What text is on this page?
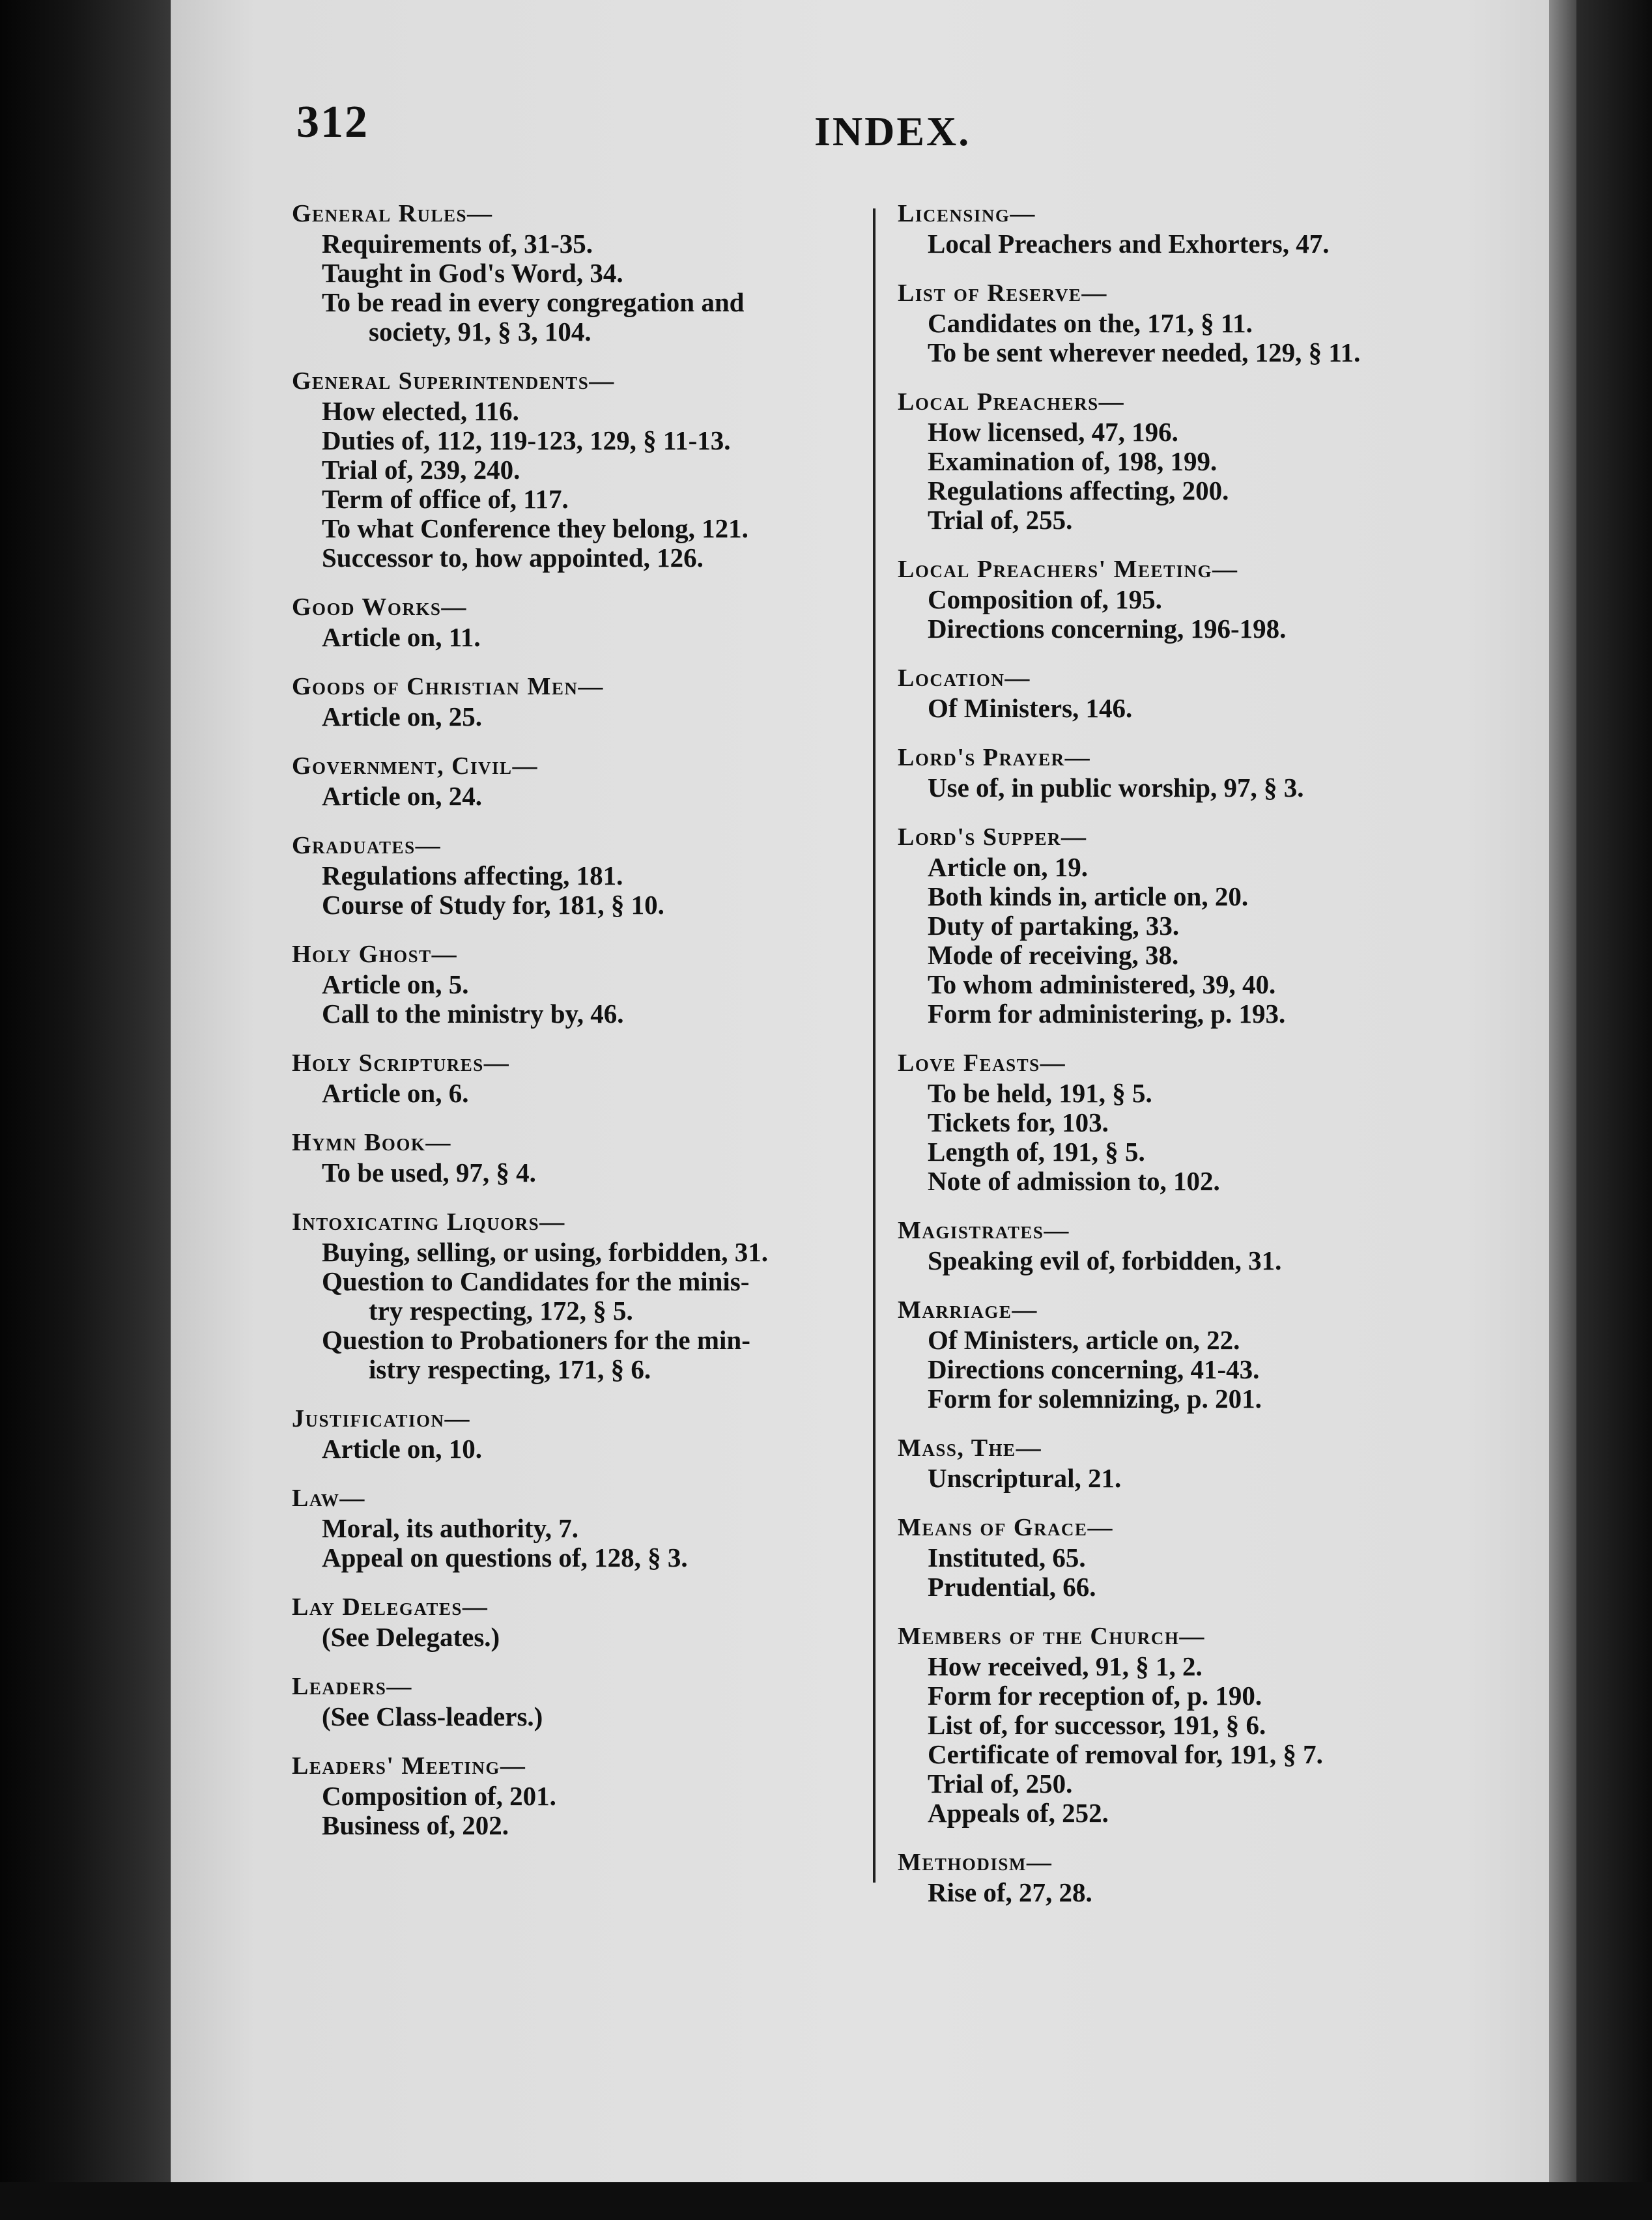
312	INDEX.
General Rules—
Requirements of, 31-35.
Taught in God's Word, 34.
To be read in every congregation and
society, 91, § 3, 104.
General Superintendents—
How elected, 116.
Duties of, 112, 119-123, 129, § 11-13.
Trial of, 239, 240.
Term of office of, 117.
To what Conference they belong, 121.
Successor to, how appointed, 126.
Good Works—
Article on, 11.
Goods of Christian Men—
Article on, 25.
Government, Civil—
Article on, 24.
Graduates—
Regulations affecting, 181.
Course of Study for, 181, § 10.
Holy Ghost—
Article on, 5.
Call to the ministry by, 46.
Holy Scriptures—
Article on, 6.
Hymn Book—
To be used, 97, § 4.
Intoxicating Liquors—
Buying, selling, or using, forbidden, 31.
Question to Candidates for the minis-
try respecting, 172, § 5.
Question to Probationers for the min-
istry respecting, 171, § 6.
Justification—
Article on, 10.
Law—
Moral, its authority, 7.
Appeal on questions of, 128, § 3.
Lay Delegates—
(See Delegates.)
Leaders—
(See Class-leaders.)
Leaders' Meeting—
Composition of, 201.
Business of, 202.
Licensing—
Local Preachers and Exhorters, 47.
List of Reserve—
Candidates on the, 171, § 11.
To be sent wherever needed, 129, § 11.
Local Preachers—
How licensed, 47, 196.
Examination of, 198, 199.
Regulations affecting, 200.
Trial of, 255.
Local Preachers' Meeting—
Composition of, 195.
Directions concerning, 196-198.
Location—
Of Ministers, 146.
Lord's Prayer—
Use of, in public worship, 97, § 3.
Lord's Supper—
Article on, 19.
Both kinds in, article on, 20.
Duty of partaking, 33.
Mode of receiving, 38.
To whom administered, 39, 40.
Form for administering, p. 193.
Love Feasts—
To be held, 191, § 5.
Tickets for, 103.
Length of, 191, § 5.
Note of admission to, 102.
Magistrates—
Speaking evil of, forbidden, 31.
Marriage—
Of Ministers, article on, 22.
Directions concerning, 41-43.
Form for solemnizing, p. 201.
Mass, The—
Unscriptural, 21.
Means of Grace—
Instituted, 65.
Prudential, 66.
Members of the Church—
How received, 91, § 1, 2.
Form for reception of, p. 190.
List of, for successor, 191, § 6.
Certificate of removal for, 191, § 7.
Trial of, 250.
Appeals of, 252.
Methodism—
Rise of, 27, 28.
